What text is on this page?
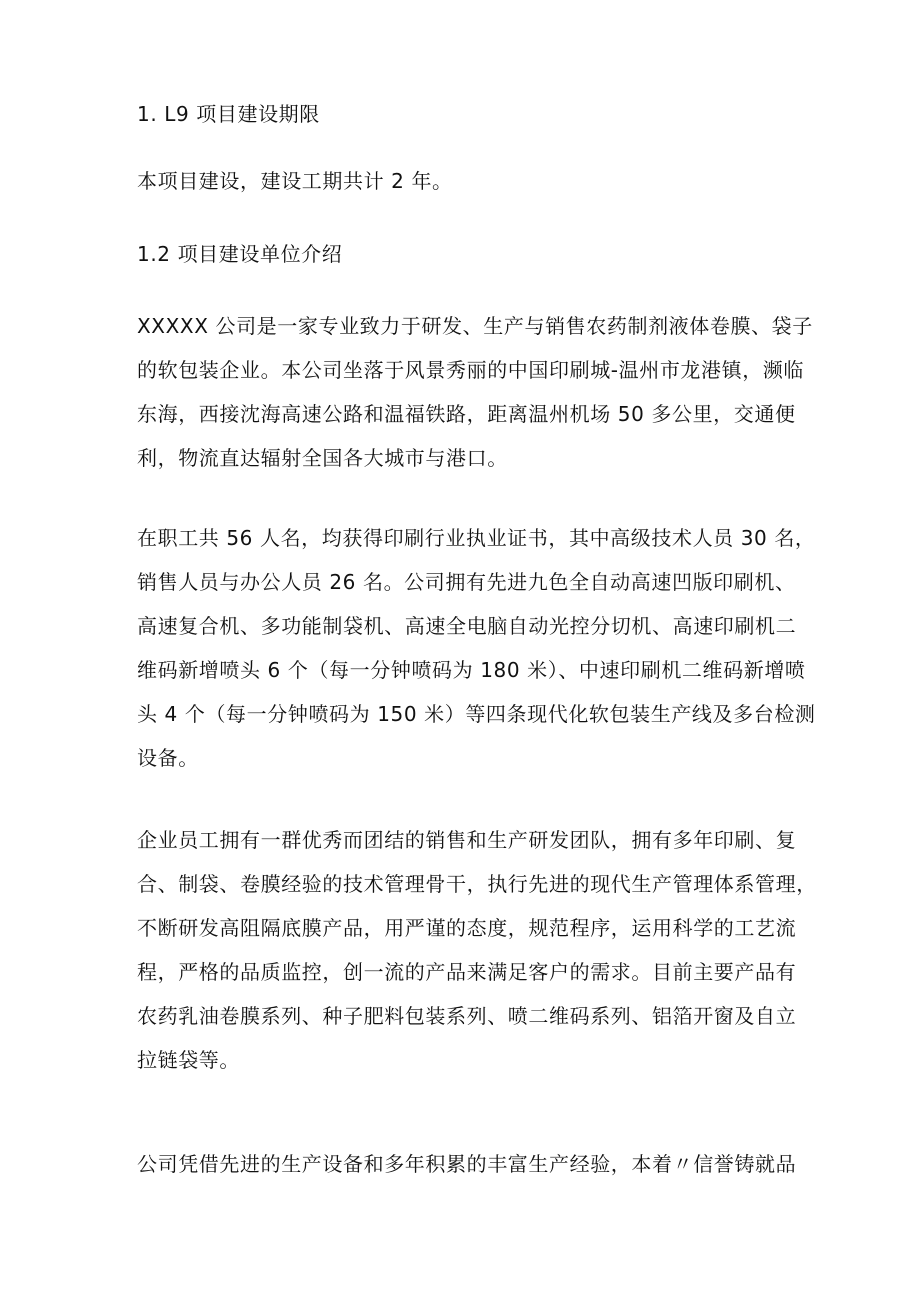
1. L9 项目建设期限
本项目建设，建设工期共计 2 年。
1.2 项目建设单位介绍
XXXXX 公司是一家专业致力于研发、生产与销售农药制剂液体卷膜、袋子
的软包装企业。本公司坐落于风景秀丽的中国印刷城-温州市龙港镇，濒临
东海，西接沈海高速公路和温福铁路，距离温州机场 50 多公里，交通便
利，物流直达辐射全国各大城市与港口。
在职工共 56 人名，均获得印刷行业执业证书，其中高级技术人员 30 名，
销售人员与办公人员 26 名。公司拥有先进九色全自动高速凹版印刷机、
高速复合机、多功能制袋机、高速全电脑自动光控分切机、高速印刷机二
维码新增喷头 6 个（每一分钟喷码为 180 米）、中速印刷机二维码新增喷
头 4 个（每一分钟喷码为 150 米）等四条现代化软包装生产线及多台检测
设备。
企业员工拥有一群优秀而团结的销售和生产研发团队，拥有多年印刷、复
合、制袋、卷膜经验的技术管理骨干，执行先进的现代生产管理体系管理，
不断研发高阻隔底膜产品，用严谨的态度，规范程序，运用科学的工艺流
程，严格的品质监控，创一流的产品来满足客户的需求。目前主要产品有
农药乳油卷膜系列、种子肥料包装系列、喷二维码系列、铝箔开窗及自立
拉链袋等。
公司凭借先进的生产设备和多年积累的丰富生产经验，本着〃信誉铸就品
